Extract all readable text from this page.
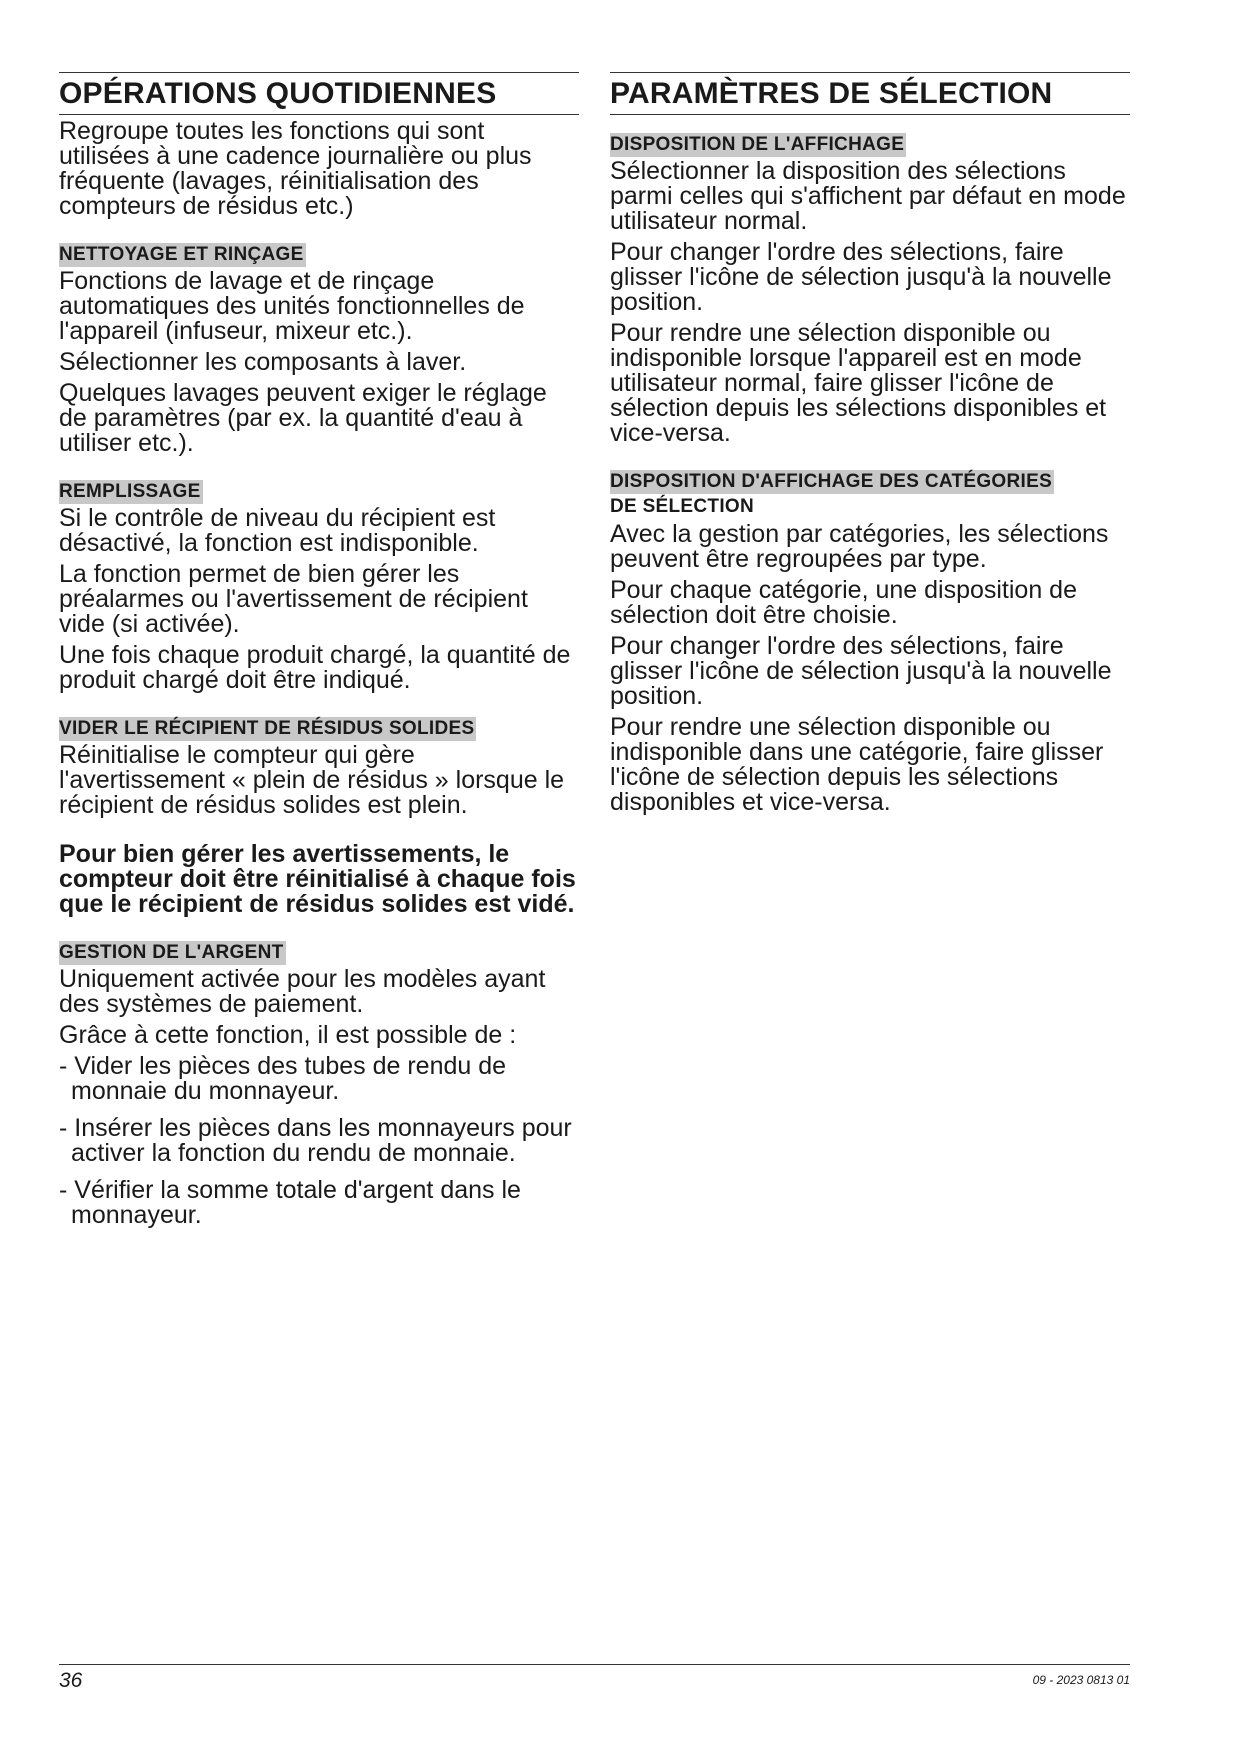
OPÉRATIONS QUOTIDIENNES

Regroupe toutes les fonctions qui sont utilisées à une cadence journalière ou plus fréquente (lavages, réinitialisation des compteurs de résidus etc.)

NETTOYAGE ET RINÇAGE

Fonctions de lavage et de rinçage automatiques des unités fonctionnelles de l'appareil (infuseur, mixeur etc.).

Sélectionner les composants à laver.

Quelques lavages peuvent exiger le réglage de paramètres (par ex. la quantité d'eau à utiliser etc.).

REMPLISSAGE

Si le contrôle de niveau du récipient est désactivé, la fonction est indisponible.

La fonction permet de bien gérer les préalarmes ou l'avertissement de récipient vide (si activée).

Une fois chaque produit chargé, la quantité de produit chargé doit être indiqué.

VIDER LE RÉCIPIENT DE RÉSIDUS SOLIDES

Réinitialise le compteur qui gère l'avertissement « plein de résidus » lorsque le récipient de résidus solides est plein.

Pour bien gérer les avertissements, le compteur doit être réinitialisé à chaque fois que le récipient de résidus solides est vidé.

GESTION DE L'ARGENT

Uniquement activée pour les modèles ayant des systèmes de paiement.

Grâce à cette fonction, il est possible de :

- Vider les pièces des tubes de rendu de monnaie du monnayeur.
- Insérer les pièces dans les monnayeurs pour activer la fonction du rendu de monnaie.
- Vérifier la somme totale d'argent dans le monnayeur.
PARAMÈTRES DE SÉLECTION
DISPOSITION DE L'AFFICHAGE

Sélectionner la disposition des sélections parmi celles qui s'affichent par défaut en mode utilisateur normal.

Pour changer l'ordre des sélections, faire glisser l'icône de sélection jusqu'à la nouvelle position.

Pour rendre une sélection disponible ou indisponible lorsque l'appareil est en mode utilisateur normal, faire glisser l'icône de sélection depuis les sélections disponibles et vice-versa.

DISPOSITION D'AFFICHAGE DES CATÉGORIES
DE SÉLECTION

Avec la gestion par catégories, les sélections peuvent être regroupées par type.

Pour chaque catégorie, une disposition de sélection doit être choisie.

Pour changer l'ordre des sélections, faire glisser l'icône de sélection jusqu'à la nouvelle position.

Pour rendre une sélection disponible ou indisponible dans une catégorie, faire glisser l'icône de sélection depuis les sélections disponibles et vice-versa.

36	09 - 2023 0813 01
